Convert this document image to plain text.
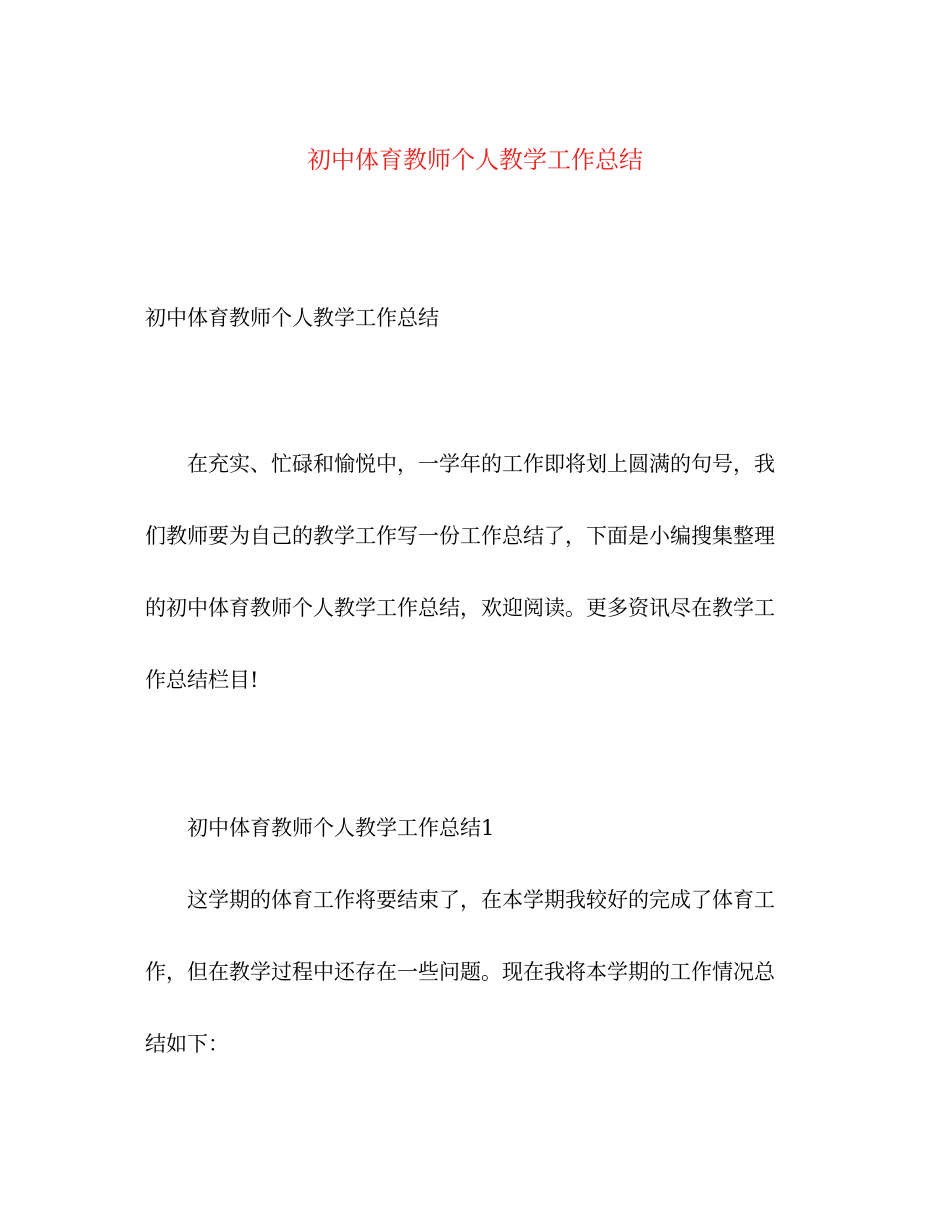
初中体育教师个人教学工作总结

初中体育教师个人教学工作总结

在充实、忙碌和愉悦中，一学年的工作即将划上圆满的句号，我
们教师要为自己的教学工作写一份工作总结了，下面是小编搜集整理
的初中体育教师个人教学工作总结，欢迎阅读。更多资讯尽在教学工
作总结栏目!
初中体育教师个人教学工作总结1
这学期的体育工作将要结束了，在本学期我较好的完成了体育工
作，但在教学过程中还存在一些问题。现在我将本学期的工作情况总
结如下：
